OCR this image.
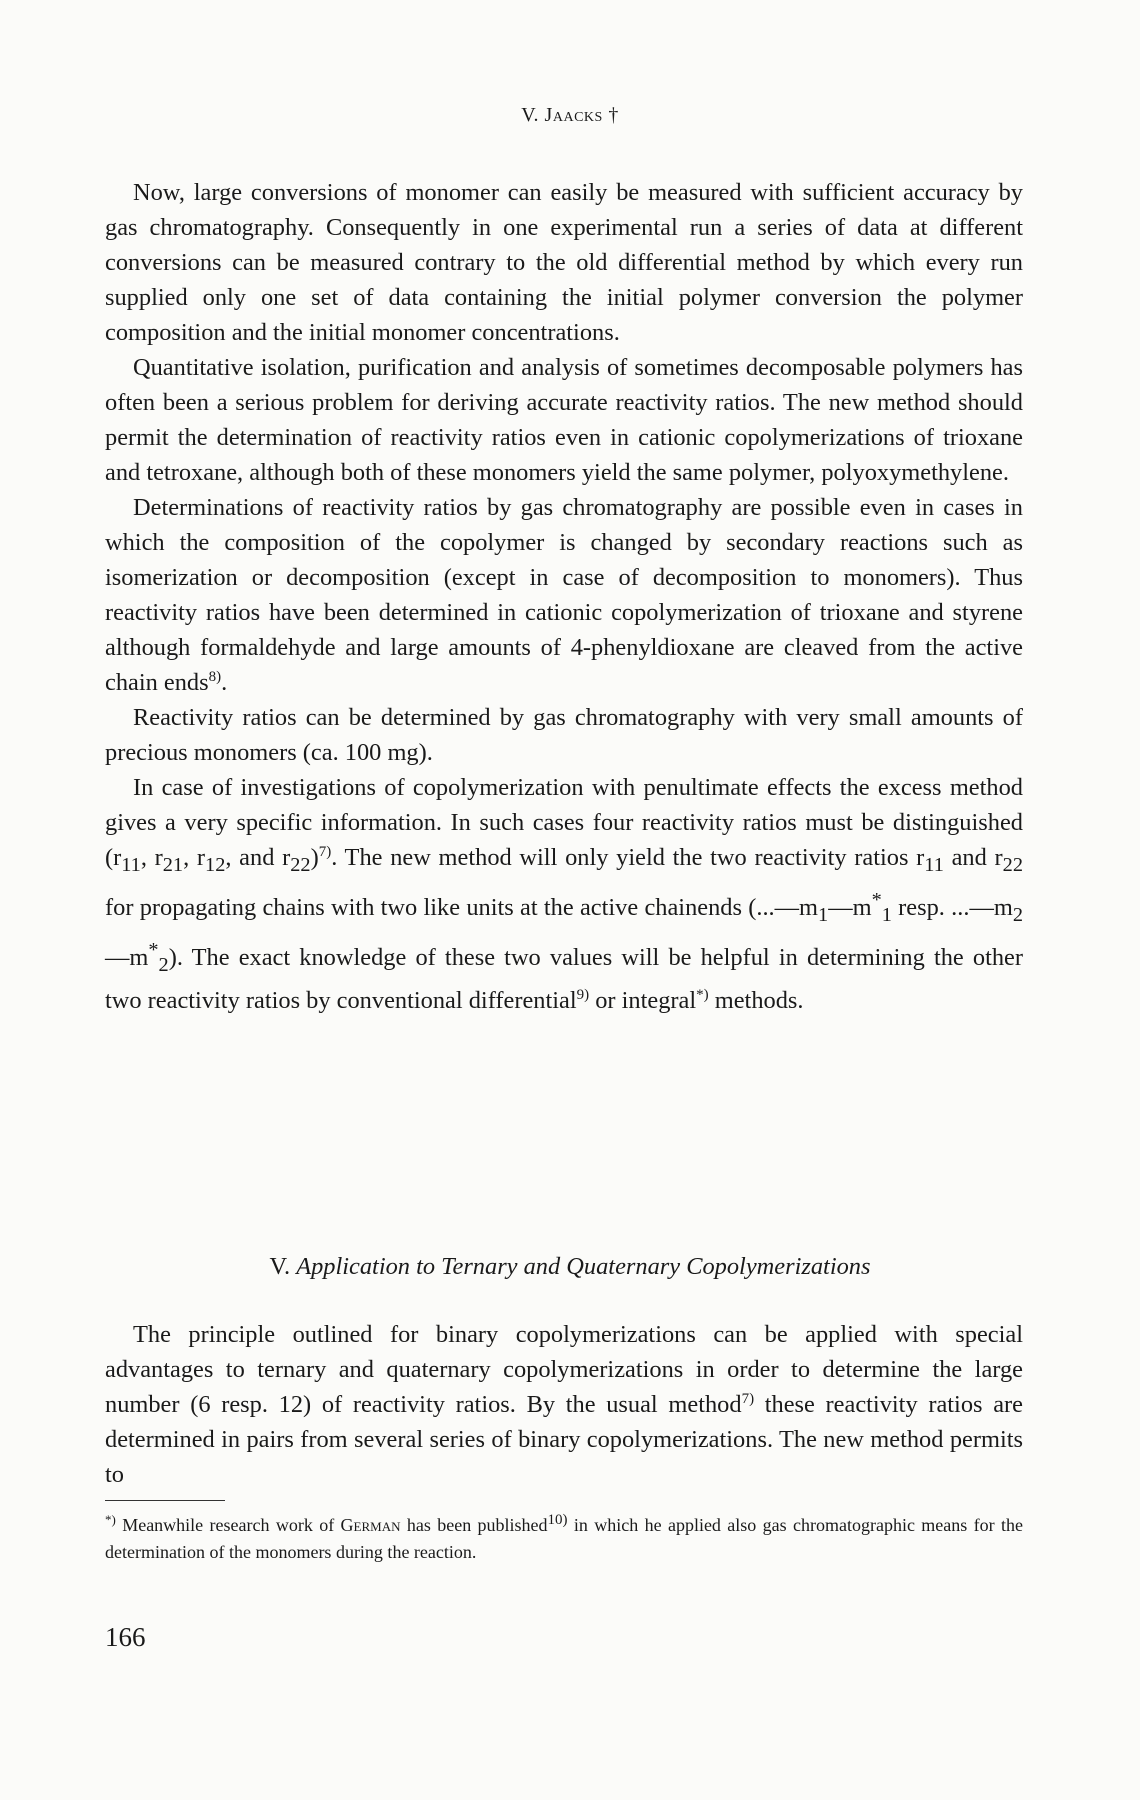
V. Jaacks †

Now, large conversions of monomer can easily be measured with sufficient accuracy by gas chromatography. Consequently in one experimental run a series of data at different conversions can be measured contrary to the old differential method by which every run supplied only one set of data containing the initial polymer conversion the polymer composition and the initial monomer concentrations.

Quantitative isolation, purification and analysis of sometimes decomposable polymers has often been a serious problem for deriving accurate reactivity ratios. The new method should permit the determination of reactivity ratios even in cationic copolymerizations of trioxane and tetroxane, although both of these monomers yield the same polymer, polyoxymethylene.

Determinations of reactivity ratios by gas chromatography are possible even in cases in which the composition of the copolymer is changed by secondary reactions such as isomerization or decomposition (except in case of decomposition to monomers). Thus reactivity ratios have been determined in cationic copolymerization of trioxane and styrene although formaldehyde and large amounts of 4-phenyldioxane are cleaved from the active chain ends$^{8)}$.

Reactivity ratios can be determined by gas chromatography with very small amounts of precious monomers (ca. 100 mg).

In case of investigations of copolymerization with penultimate effects the excess method gives a very specific information. In such cases four reactivity ratios must be distinguished ($r_{11}$, $r_{21}$, $r_{12}$, and $r_{22})^{7)}$. The new method will only yield the two reactivity ratios $r_{11}$ and $r_{22}$ for propagating chains with two like units at the active chainends ($...—m_1—m^*_1$ resp. $...—m_2—m^*_2$). The exact knowledge of these two values will be helpful in determining the other two reactivity ratios by conventional differential$^{9)}$ or integral*) methods.

V. Application to Ternary and Quaternary Copolymerizations

The principle outlined for binary copolymerizations can be applied with special advantages to ternary and quaternary copolymerizations in order to determine the large number (6 resp. 12) of reactivity ratios. By the usual method$^{7)}$ these reactivity ratios are determined in pairs from several series of binary copolymerizations. The new method permits to

*) Meanwhile research work of German has been published$^{10)}$ in which he applied also gas chromatographic means for the determination of the monomers during the reaction.
166
